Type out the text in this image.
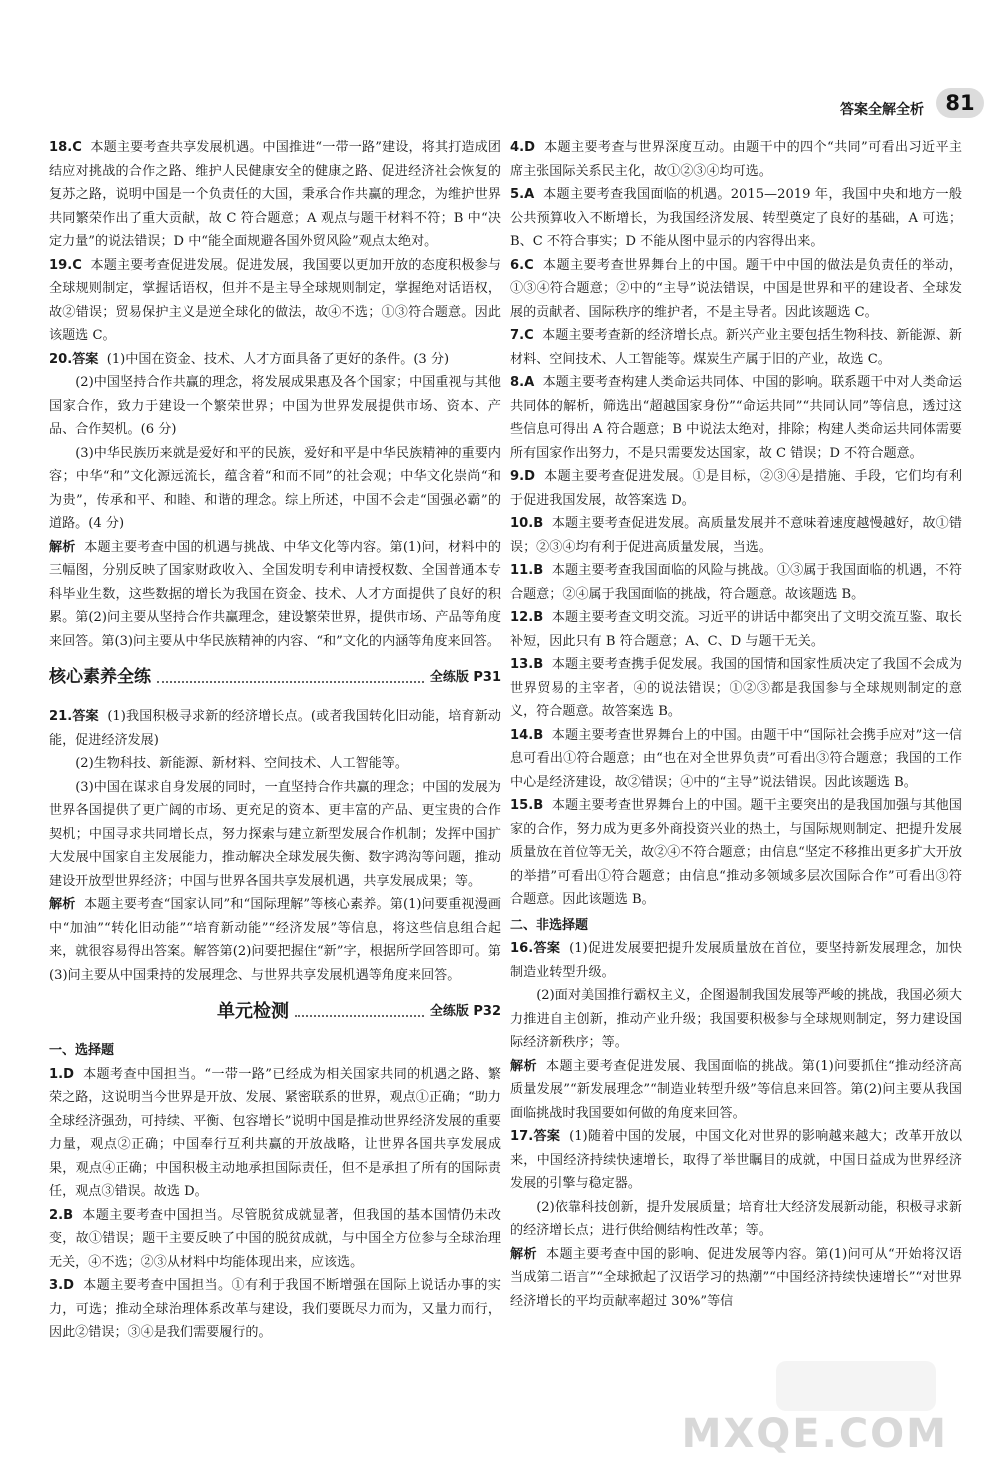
答案全解全析	81

18.C 本题主要考查共享发展机遇。中国推进“一带一路”建设，将其打造成团结应对挑战的合作之路、维护人民健康安全的健康之路、促进经济社会恢复的复苏之路，说明中国是一个负责任的大国，秉承合作共赢的理念，为维护世界共同繁荣作出了重大贡献，故 C 符合题意；A 观点与题干材料不符；B 中“决定力量”的说法错误；D 中“能全面规避各国外贸风险”观点太绝对。

19.C 本题主要考查促进发展。促进发展，我国要以更加开放的态度积极参与全球规则制定，掌握话语权，但并不是主导全球规则制定，掌握绝对话语权，故②错误；贸易保护主义是逆全球化的做法，故④不选；①③符合题意。因此该题选 C。

20.答案 (1)中国在资金、技术、人才方面具备了更好的条件。(3 分)

(2)中国坚持合作共赢的理念，将发展成果惠及各个国家；中国重视与其他国家合作，致力于建设一个繁荣世界；中国为世界发展提供市场、资本、产品、合作契机。(6 分)

(3)中华民族历来就是爱好和平的民族，爱好和平是中华民族精神的重要内容；中华“和”文化源远流长，蕴含着“和而不同”的社会观；中华文化崇尚“和为贵”，传承和平、和睦、和谐的理念。综上所述，中国不会走“国强必霸”的道路。(4 分)

解析 本题主要考查中国的机遇与挑战、中华文化等内容。第(1)问，材料中的三幅图，分别反映了国家财政收入、全国发明专利申请授权数、全国普通本专科毕业生数，这些数据的增长为我国在资金、技术、人才方面提供了良好的积累。第(2)问主要从坚持合作共赢理念，建设繁荣世界，提供市场、产品等角度来回答。第(3)问主要从中华民族精神的内容、“和”文化的内涵等角度来回答。

核心素养全练	全练版 P31

21.答案 (1)我国积极寻求新的经济增长点。(或者我国转化旧动能，培育新动能，促进经济发展)

(2)生物科技、新能源、新材料、空间技术、人工智能等。

(3)中国在谋求自身发展的同时，一直坚持合作共赢的理念；中国的发展为世界各国提供了更广阔的市场、更充足的资本、更丰富的产品、更宝贵的合作契机；中国寻求共同增长点，努力探索与建立新型发展合作机制；发挥中国扩大发展中国家自主发展能力，推动解决全球发展失衡、数字鸿沟等问题，推动建设开放型世界经济；中国与世界各国共享发展机遇，共享发展成果；等。

解析 本题主要考查“国家认同”和“国际理解”等核心素养。第(1)问要重视漫画中“加油”“转化旧动能”“培育新动能”“经济发展”等信息，将这些信息组合起来，就很容易得出答案。解答第(2)问要把握住“新”字，根据所学回答即可。第(3)问主要从中国秉持的发展理念、与世界共享发展机遇等角度来回答。

单元检测	全练版 P32

一、选择题

1.D 本题考查中国担当。“一带一路”已经成为相关国家共同的机遇之路、繁荣之路，这说明当今世界是开放、发展、紧密联系的世界，观点①正确；“助力全球经济强劲，可持续、平衡、包容增长”说明中国是推动世界经济发展的重要力量，观点②正确；中国奉行互利共赢的开放战略，让世界各国共享发展成果，观点④正确；中国积极主动地承担国际责任，但不是承担了所有的国际责任，观点③错误。故选 D。

2.B 本题主要考查中国担当。尽管脱贫成就显著，但我国的基本国情仍未改变，故①错误；题干主要反映了中国的脱贫成就，与中国全方位参与全球治理无关，④不选；②③从材料中均能体现出来，应该选。

3.D 本题主要考查中国担当。①有利于我国不断增强在国际上说话办事的实力，可选；推动全球治理体系改革与建设，我们要既尽力而为，又量力而行，因此②错误；③④是我们需要履行的。

4.D 本题主要考查与世界深度互动。由题干中的四个“共同”可看出习近平主席主张国际关系民主化，故①②③④均可选。

5.A 本题主要考查我国面临的机遇。2015—2019 年，我国中央和地方一般公共预算收入不断增长，为我国经济发展、转型奠定了良好的基础，A 可选；B、C 不符合事实；D 不能从图中显示的内容得出来。

6.C 本题主要考查世界舞台上的中国。题干中中国的做法是负责任的举动，①③④符合题意；②中的“主导”说法错误，中国是世界和平的建设者、全球发展的贡献者、国际秩序的维护者，不是主导者。因此该题选 C。

7.C 本题主要考查新的经济增长点。新兴产业主要包括生物科技、新能源、新材料、空间技术、人工智能等。煤炭生产属于旧的产业，故选 C。

8.A 本题主要考查构建人类命运共同体、中国的影响。联系题干中对人类命运共同体的解析，筛选出“超越国家身份”“命运共同”“共同认同”等信息，透过这些信息可得出 A 符合题意；B 中说法太绝对，排除；构建人类命运共同体需要所有国家作出努力，不是只需要发达国家，故 C 错误；D 不符合题意。

9.D 本题主要考查促进发展。①是目标，②③④是措施、手段，它们均有利于促进我国发展，故答案选 D。

10.B 本题主要考查促进发展。高质量发展并不意味着速度越慢越好，故①错误；②③④均有利于促进高质量发展，当选。

11.B 本题主要考查我国面临的风险与挑战。①③属于我国面临的机遇，不符合题意；②④属于我国面临的挑战，符合题意。故该题选 B。

12.B 本题主要考查文明交流。习近平的讲话中都突出了文明交流互鉴、取长补短，因此只有 B 符合题意；A、C、D 与题干无关。

13.B 本题主要考查携手促发展。我国的国情和国家性质决定了我国不会成为世界贸易的主宰者，④的说法错误；①②③都是我国参与全球规则制定的意义，符合题意。故答案选 B。

14.B 本题主要考查世界舞台上的中国。由题干中“国际社会携手应对”这一信息可看出①符合题意；由“也在对全世界负责”可看出③符合题意；我国的工作中心是经济建设，故②错误；④中的“主导”说法错误。因此该题选 B。

15.B 本题主要考查世界舞台上的中国。题干主要突出的是我国加强与其他国家的合作，努力成为更多外商投资兴业的热土，与国际规则制定、把提升发展质量放在首位等无关，故②④不符合题意；由信息“坚定不移推出更多扩大开放的举措”可看出①符合题意；由信息“推动多领域多层次国际合作”可看出③符合题意。因此该题选 B。

二、非选择题

16.答案 (1)促进发展要把提升发展质量放在首位，要坚持新发展理念，加快制造业转型升级。

(2)面对美国推行霸权主义，企图遏制我国发展等严峻的挑战，我国必须大力推进自主创新，推动产业升级；我国要积极参与全球规则制定，努力建设国际经济新秩序；等。

解析 本题主要考查促进发展、我国面临的挑战。第(1)问要抓住“推动经济高质量发展”“新发展理念”“制造业转型升级”等信息来回答。第(2)问主要从我国面临挑战时我国要如何做的角度来回答。

17.答案 (1)随着中国的发展，中国文化对世界的影响越来越大；改革开放以来，中国经济持续快速增长，取得了举世瞩目的成就，中国日益成为世界经济发展的引擎与稳定器。

(2)依靠科技创新，提升发展质量；培育壮大经济发展新动能，积极寻求新的经济增长点；进行供给侧结构性改革；等。

解析 本题主要考查中国的影响、促进发展等内容。第(1)问可从“开始将汉语当成第二语言”“全球掀起了汉语学习的热潮”“中国经济持续快速增长”“对世界经济增长的平均贡献率超过 30%”等信

MXQE.COM
